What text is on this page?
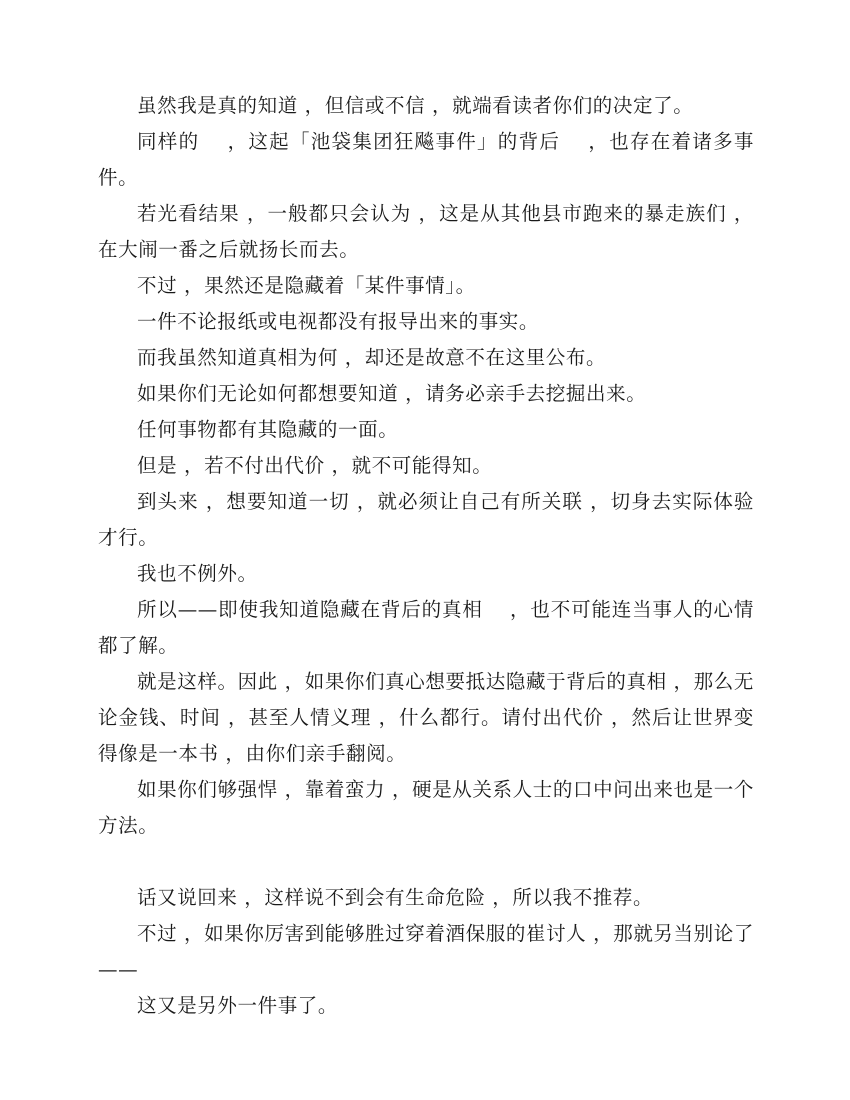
虽然我是真的知道 ，但信或不信 ，就端看读者你们的决定了。

同样的　 ，这起「池袋集团狂飚事件」的背后　 ，也存在着诸多事件。

若光看结果 ，一般都只会认为 ，这是从其他县市跑来的暴走族们 ，在大闹一番之后就扬长而去。

不过 ，果然还是隐藏着「某件事情」。

一件不论报纸或电视都没有报导出来的事实。

而我虽然知道真相为何 ，却还是故意不在这里公布。

如果你们无论如何都想要知道 ，请务必亲手去挖掘出来。

任何事物都有其隐藏的一面。

但是 ，若不付出代价 ，就不可能得知。

到头来 ，想要知道一切 ，就必须让自己有所关联 ，切身去实际体验才行。

我也不例外。

所以——即使我知道隐藏在背后的真相　 ，也不可能连当事人的心情都了解。

就是这样。因此 ，如果你们真心想要抵达隐藏于背后的真相 ，那么无论金钱、时间 ，甚至人情义理 ，什么都行。请付出代价 ，然后让世界变得像是一本书 ，由你们亲手翻阅。

如果你们够强悍 ，靠着蛮力 ，硬是从关系人士的口中问出来也是一个方法。

话又说回来 ，这样说不到会有生命危险 ，所以我不推荐。

不过 ，如果你厉害到能够胜过穿着酒保服的崔讨人 ，那就另当别论了——

这又是另外一件事了。
